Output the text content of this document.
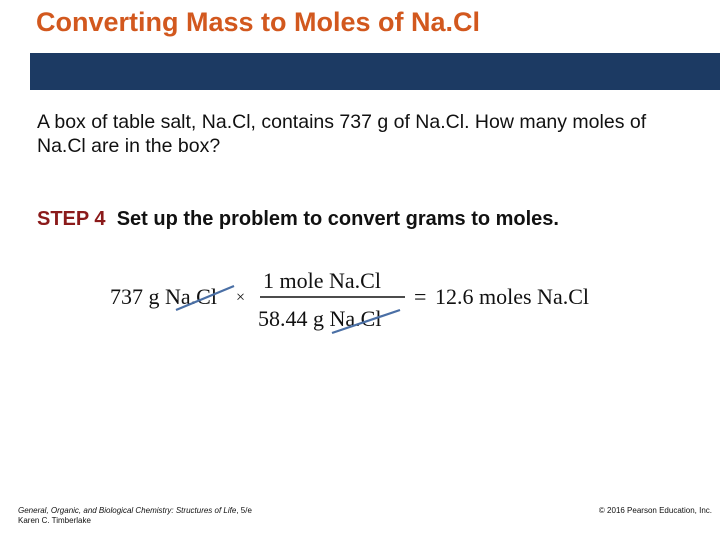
Converting Mass to Moles of Na.Cl

A box of table salt, Na.Cl, contains 737 g of Na.Cl. How many moles of Na.Cl are in the box?

STEP 4 Set up the problem to convert grams to moles.

737 g Na.Cl ×
1 mole Na.Cl
58.44 g Na.Cl
= 12.6 moles Na.Cl
General, Organic, and Biological Chemistry: Structures of Life, 5/e
Karen C. Timberlake
© 2016 Pearson Education, Inc.
